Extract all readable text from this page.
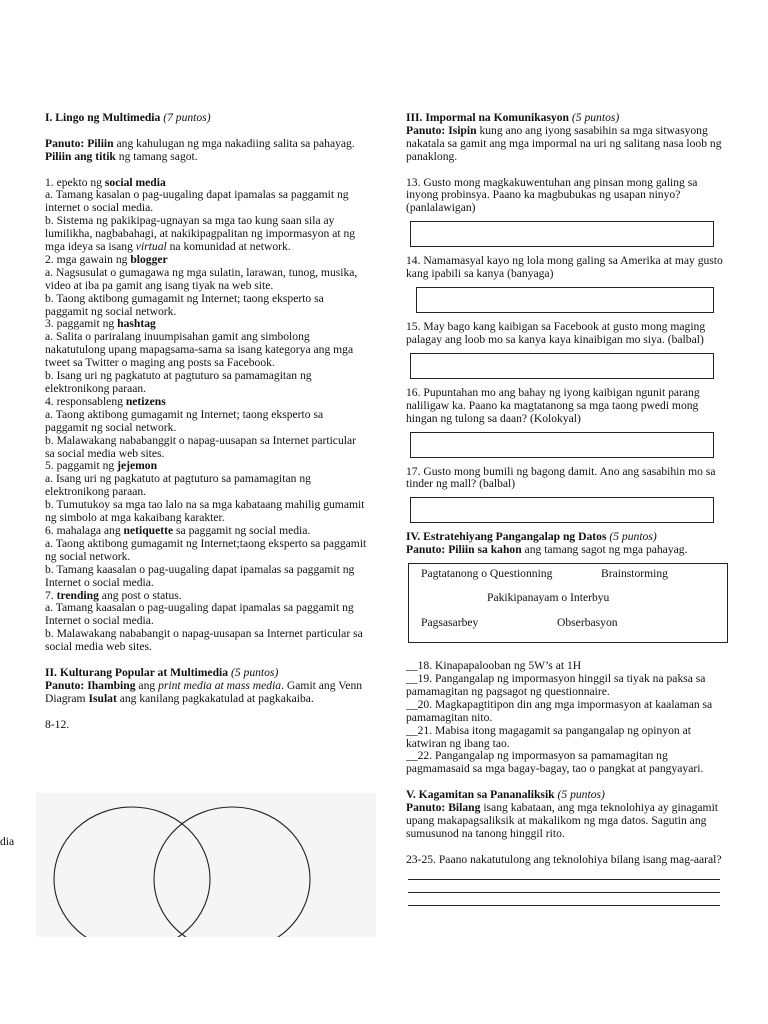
I. Lingo ng Multimedia (7 puntos)

Panuto: Piliin ang kahulugan ng mga nakadiing salita sa pahayag. Piliin ang titik ng tamang sagot.

1. epekto ng social media

a. Tamang kasalan o pag-uugaling dapat ipamalas sa paggamit ng internet o social media.

b. Sistema ng pakikipag-ugnayan sa mga tao kung saan sila ay lumilikha, nagbabahagi, at nakikipagpalitan ng impormasyon at ng mga ideya sa isang virtual na komunidad at network.

2. mga gawain ng blogger

a. Nagsusulat o gumagawa ng mga sulatin, larawan, tunog, musika, video at iba pa gamit ang isang tiyak na web site.

b. Taong aktibong gumagamit ng Internet; taong eksperto sa paggamit ng social network.

3. paggamit ng hashtag

a. Salita o pariralang inuumpisahan gamit ang simbolong nakatutulong upang mapagsama-sama sa isang kategorya ang mga tweet sa Twitter o maging ang posts sa Facebook.

b. Isang uri ng pagkatuto at pagtuturo sa pamamagitan ng elektronikong paraan.

4. responsableng netizens

a. Taong aktibong gumagamit ng Internet; taong eksperto sa paggamit ng social network.

b. Malawakang nababanggit o napag-uusapan sa Internet particular sa social media web sites.

5. paggamit ng jejemon

a. Isang uri ng pagkatuto at pagtuturo sa pamamagitan ng elektronikong paraan.

b. Tumutukoy sa mga tao lalo na sa mga kabataang mahilig gumamit ng simbolo at mga kakaibang karakter.

6. mahalaga ang netiquette sa paggamit ng social media.

a. Taong aktibong gumagamit ng Internet;taong eksperto sa paggamit ng social network.

b. Tamang kaasalan o pag-uugaling dapat ipamalas sa paggamit ng Internet o social media.

7. trending ang post o status.

a. Tamang kaasalan o pag-uugaling dapat ipamalas sa paggamit ng Internet o social media.

b. Malawakang nababangit o napag-uusapan sa Internet particular sa social media web sites.

II. Kulturang Popular at Multimedia (5 puntos)

Panuto: Ihambing ang print media at mass media. Gamit ang Venn Diagram Isulat ang kanilang pagkakatulad at pagkakaiba.

8-12.

dia

III. Impormal na Komunikasyon (5 puntos)

Panuto: Isipin kung ano ang iyong sasabihin sa mga sitwasyong nakatala sa gamit ang mga impormal na uri ng salitang nasa loob ng panaklong.

13. Gusto mong magkakuwentuhan ang pinsan mong galing sa inyong probinsya. Paano ka magbubukas ng usapan ninyo? (panlalawigan)

14. Namamasyal kayo ng lola mong galing sa Amerika at may gusto kang ipabili sa kanya (banyaga)

15. May bago kang kaibigan sa Facebook at gusto mong maging palagay ang loob mo sa kanya kaya kinaibigan mo siya. (balbal)

16. Pupuntahan mo ang bahay ng iyong kaibigan ngunit parang naliligaw ka. Paano ka magtatanong sa mga taong pwedi mong hingan ng tulong sa daan? (Kolokyal)

17. Gusto mong bumili ng bagong damit. Ano ang sasabihin mo sa tinder ng mall? (balbal)

IV. Estratehiyang Pangangalap ng Datos (5 puntos)

Panuto: Piliin sa kahon ang tamang sagot ng mga pahayag.

Pagtatanong o Questionning	Brainstorming
Pakikipanayam o Interbyu
Pagsasarbey	Obserbasyon

__18. Kinapapalooban ng 5W’s at 1H

__19. Pangangalap ng impormasyon hinggil sa tiyak na paksa sa pamamagitan ng pagsagot ng questionnaire.

__20. Magkapagtitipon din ang mga impormasyon at kaalaman sa pamamagitan nito.

__21. Mabisa itong magagamit sa pangangalap ng opinyon at katwiran ng ibang tao.

__22. Pangangalap ng impormasyon sa pamamagitan ng pagmamasaid sa mga bagay-bagay, tao o pangkat at pangyayari.

V. Kagamitan sa Pananaliksik (5 puntos)

Panuto: Bilang isang kabataan, ang mga teknolohiya ay ginagamit upang makapagsaliksik at makalikom ng mga datos. Sagutin ang sumusunod na tanong hinggil rito.

23-25. Paano nakatutulong ang teknolohiya bilang isang mag-aaral?
